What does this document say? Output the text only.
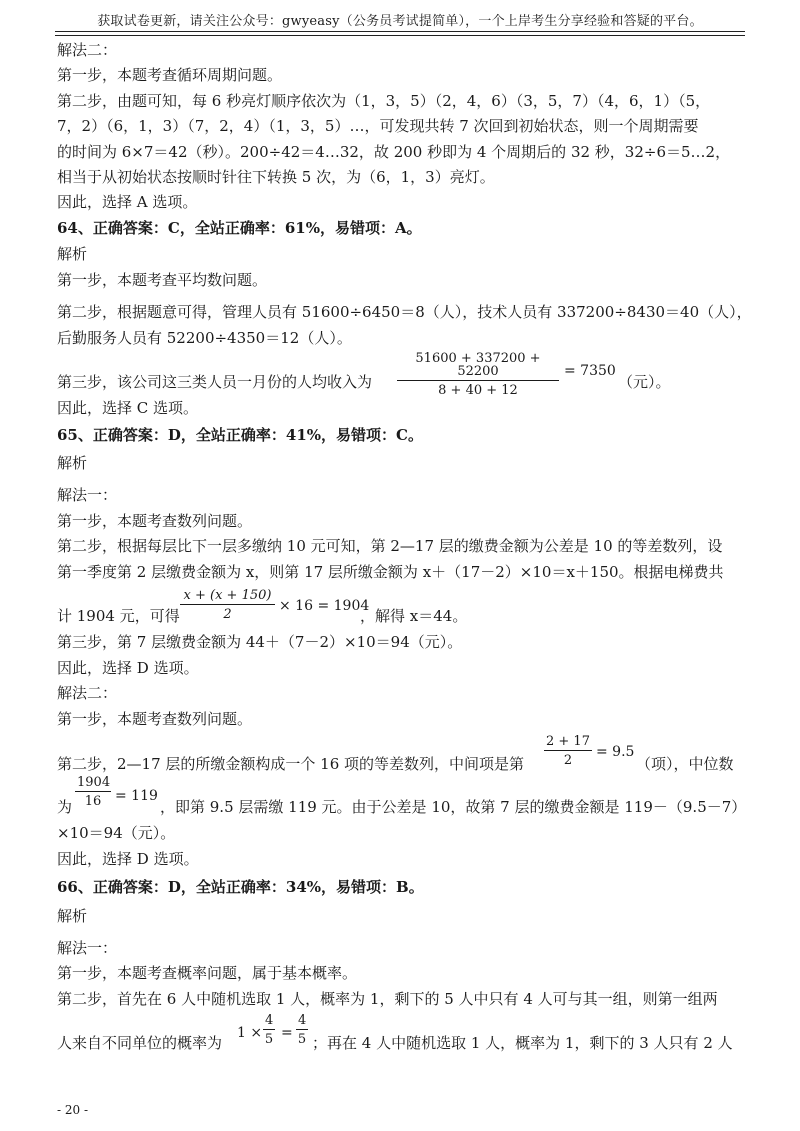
获取试卷更新，请关注公众号：gwyeasy（公务员考试提简单），一个上岸考生分享经验和答疑的平台。
解法二：
第一步，本题考查循环周期问题。
第二步，由题可知，每 6 秒亮灯顺序依次为（1，3，5）（2，4，6）（3，5，7）（4，6，1）（5，
7，2）（6，1，3）（7，2，4）（1，3，5）…，可发现共转 7 次回到初始状态，则一个周期需要
的时间为 6×7＝42（秒）。200÷42＝4…32，故 200 秒即为 4 个周期后的 32 秒，32÷6＝5…2，
相当于从初始状态按顺时针往下转换 5 次，为（6，1，3）亮灯。
因此，选择 A 选项。
64、正确答案：C，全站正确率：61%，易错项：A。
解析
第一步，本题考查平均数问题。
第二步，根据题意可得，管理人员有 51600÷6450＝8（人），技术人员有 337200÷8430＝40（人），
后勤服务人员有 52200÷4350＝12（人）。
第三步，该公司这三类人员一月份的人均收入为
51600 + 337200 + 52200
8 + 40 + 12
= 7350
（元）。
因此，选择 C 选项。
65、正确答案：D，全站正确率：41%，易错项：C。
解析
解法一：
第一步，本题考查数列问题。
第二步，根据每层比下一层多缴纳 10 元可知，第 2—17 层的缴费金额为公差是 10 的等差数列，设
第一季度第 2 层缴费金额为 x，则第 17 层所缴金额为 x＋（17－2）×10＝x＋150。根据电梯费共
计 1904 元，可得
x + (x + 150)
2
× 16 = 1904
，解得 x＝44。
第三步，第 7 层缴费金额为 44＋（7－2）×10＝94（元）。
因此，选择 D 选项。
解法二：
第一步，本题考查数列问题。
第二步，2—17 层的所缴金额构成一个 16 项的等差数列，中间项是第
2 + 17
2
= 9.5
（项），中位数
为
1904
16 = 119
，即第 9.5 层需缴 119 元。由于公差是 10，故第 7 层的缴费金额是 119－（9.5－7）
×10＝94（元）。
因此，选择 D 选项。
66、正确答案：D，全站正确率：34%，易错项：B。
解析
解法一：
第一步，本题考查概率问题，属于基本概率。
第二步，首先在 6 人中随机选取 1 人，概率为 1，剩下的 5 人中只有 4 人可与其一组，则第一组两
人来自不同单位的概率为
1 ×
4
5 =
4
5 ；再在 4 人中随机选取 1 人，概率为 1，剩下的 3 人只有 2 人
- 20 -
